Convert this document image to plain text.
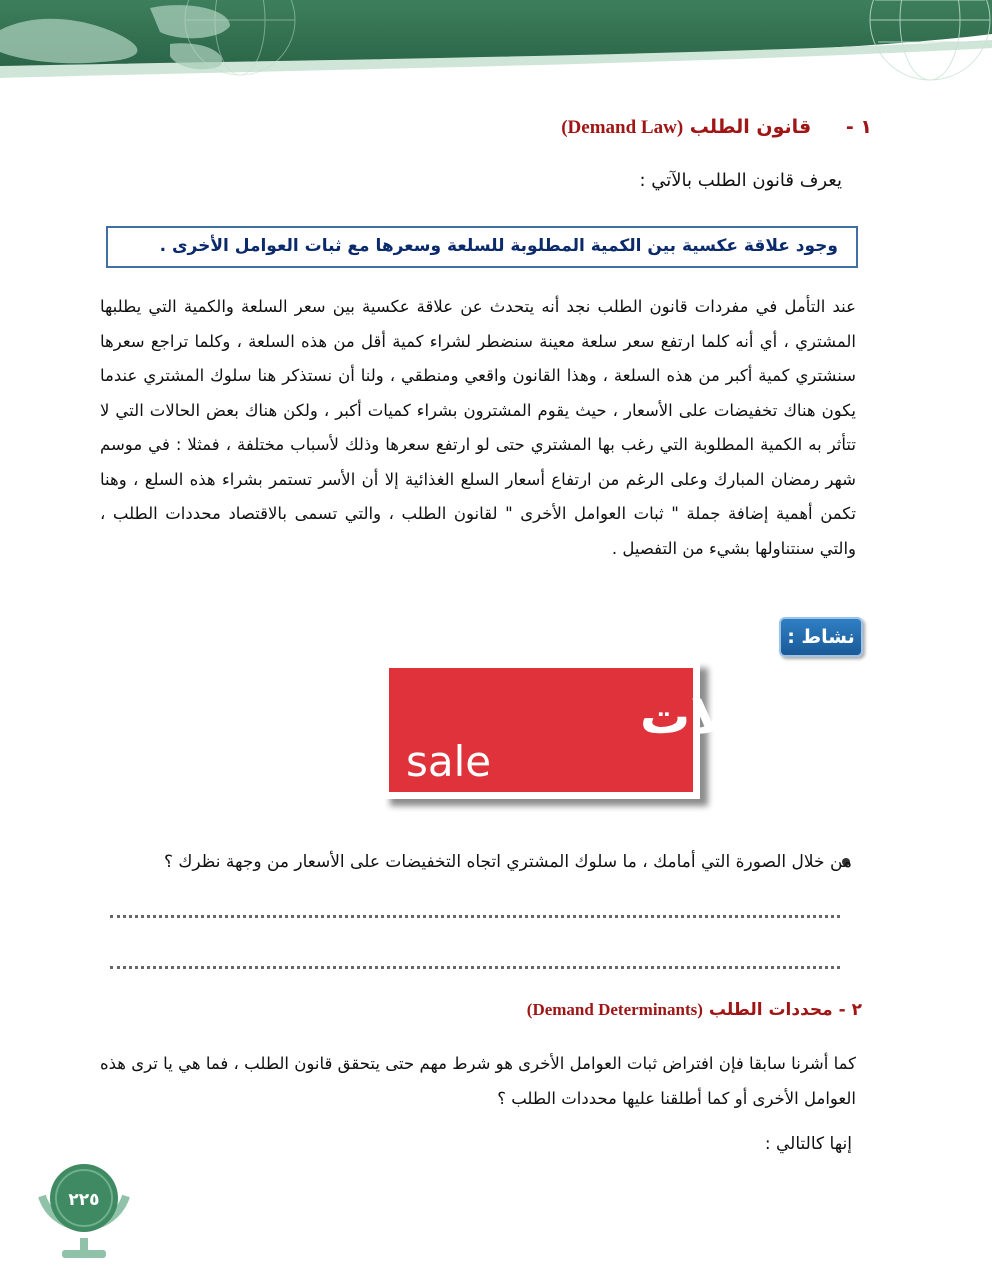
١ - قانون الطلب (Demand Law)
يعرف قانون الطلب بالآتي :
وجود علاقة عكسية بين الكمية المطلوبة للسلعة وسعرها مع ثبات العوامل الأخرى .
عند التأمل في مفردات قانون الطلب نجد أنه يتحدث عن علاقة عكسية بين سعر السلعة والكمية التي يطلبها المشتري ، أي أنه كلما ارتفع سعر سلعة معينة سنضطر لشراء كمية أقل من هذه السلعة ، وكلما تراجع سعرها سنشتري كمية أكبر من هذه السلعة ، وهذا القانون واقعي ومنطقي ، ولنا أن نستذكر هنا سلوك المشتري عندما يكون هناك تخفيضات على الأسعار ، حيث يقوم المشترون بشراء كميات أكبر ، ولكن هناك بعض الحالات التي لا تتأثر به الكمية المطلوبة التي رغب بها المشتري حتى لو ارتفع سعرها وذلك لأسباب مختلفة ، فمثلا : في موسم شهر رمضان المبارك وعلى الرغم من ارتفاع أسعار السلع الغذائية إلا أن الأسر تستمر بشراء هذه السلع ، وهنا تكمن أهمية إضافة جملة " ثبات العوامل الأخرى " لقانون الطلب ، والتي تسمى بالاقتصاد محددات الطلب ، والتي سنتناولها بشيء من التفصيل .
نشاط :
تنزيلات
sale
من خلال الصورة التي أمامك ، ما سلوك المشتري اتجاه التخفيضات على الأسعار من وجهة نظرك ؟
٢ - محددات الطلب (Demand Determinants)
كما أشرنا سابقا فإن افتراض ثبات العوامل الأخرى هو شرط مهم حتى يتحقق قانون الطلب ، فما هي يا ترى هذه العوامل الأخرى أو كما أطلقنا عليها محددات الطلب ؟
إنها كالتالي :
٢٢٥
